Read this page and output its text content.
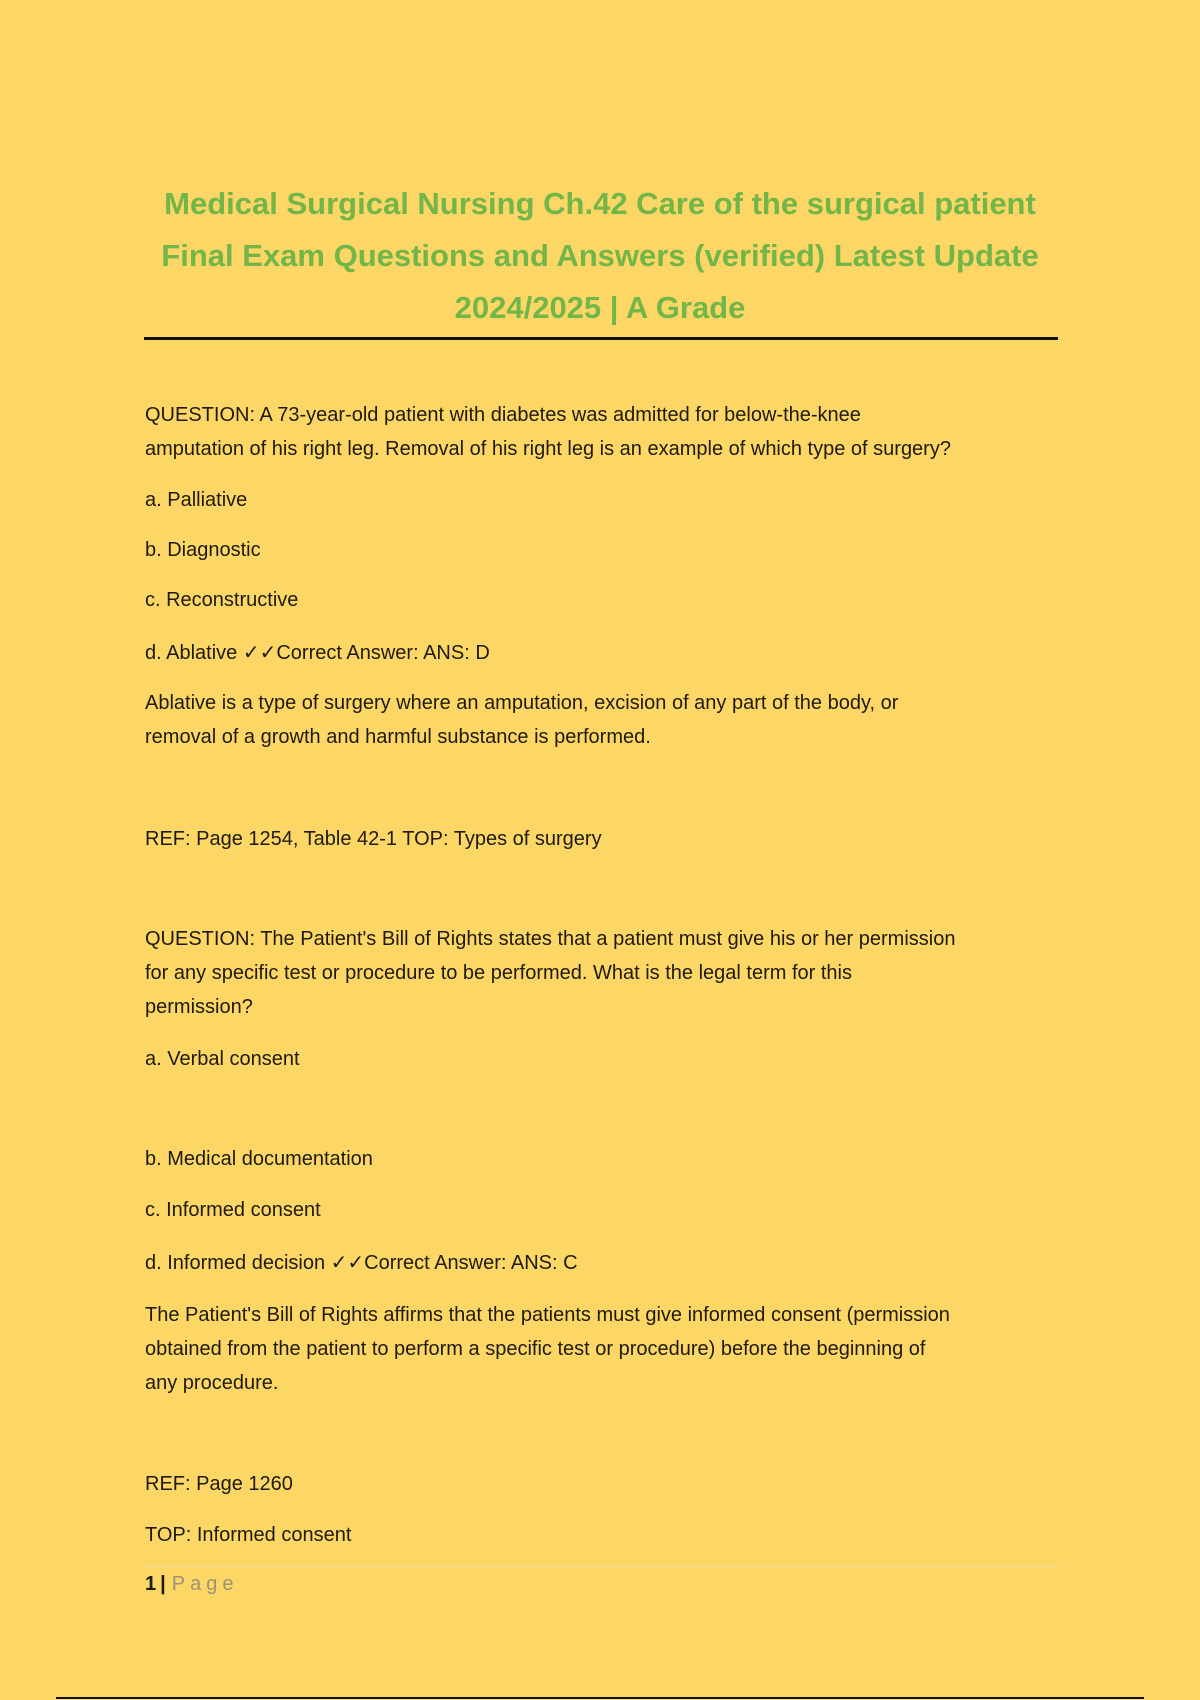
Medical Surgical Nursing Ch.42 Care of the surgical patient
Final Exam Questions and Answers (verified) Latest Update
2024/2025 | A Grade
QUESTION: A 73-year-old patient with diabetes was admitted for below-the-knee
amputation of his right leg. Removal of his right leg is an example of which type of surgery?
a. Palliative
b. Diagnostic
c. Reconstructive
d. Ablative ✓✓Correct Answer: ANS: D
Ablative is a type of surgery where an amputation, excision of any part of the body, or
removal of a growth and harmful substance is performed.
REF: Page 1254, Table 42-1 TOP: Types of surgery
QUESTION: The Patient's Bill of Rights states that a patient must give his or her permission
for any specific test or procedure to be performed. What is the legal term for this
permission?
a. Verbal consent
b. Medical documentation
c. Informed consent
d. Informed decision ✓✓Correct Answer: ANS: C
The Patient's Bill of Rights affirms that the patients must give informed consent (permission
obtained from the patient to perform a specific test or procedure) before the beginning of
any procedure.
REF: Page 1260
TOP: Informed consent
1 | Page
